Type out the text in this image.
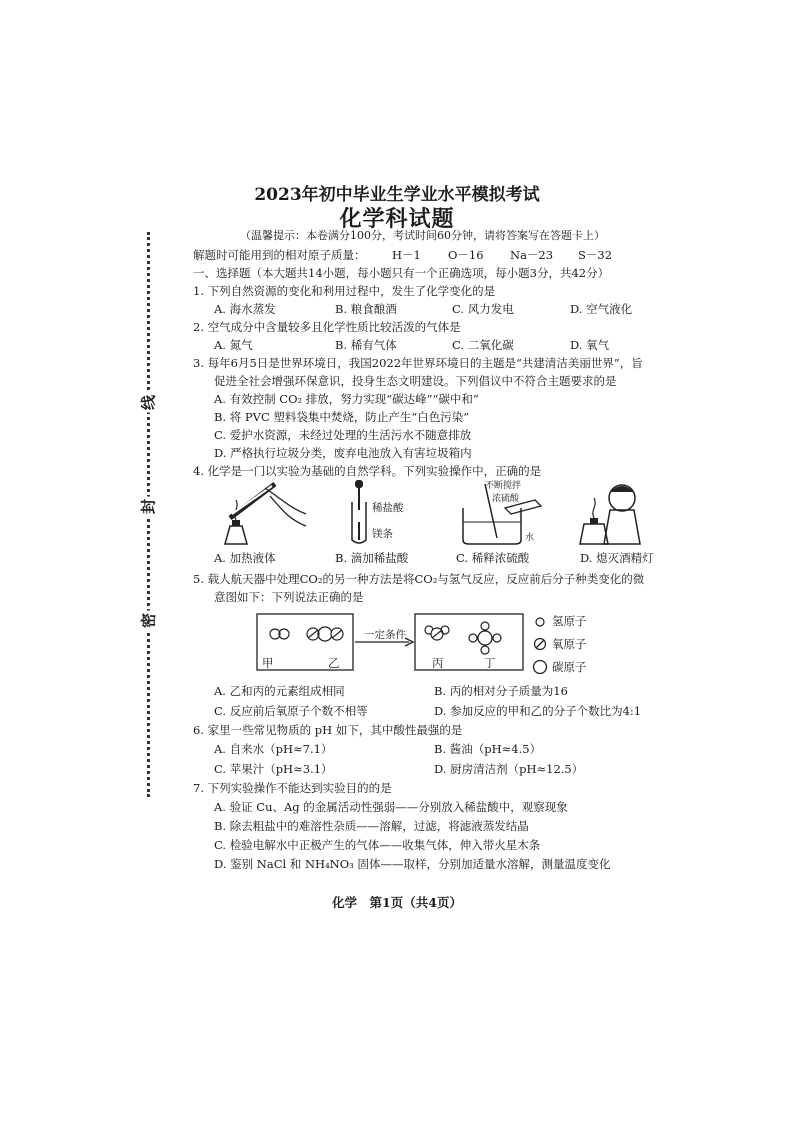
线
封
密
2023年初中毕业生学业水平模拟考试
化学科试题
（温馨提示：本卷满分100分，考试时间60分钟，请将答案写在答题卡上）
解题时可能用到的相对原子质量： H－1 O－16 Na－23 S－32
一、选择题（本大题共14小题，每小题只有一个正确选项，每小题3分，共42分）
1. 下列自然资源的变化和利用过程中，发生了化学变化的是
A. 海水蒸发	B. 粮食酿酒	C. 风力发电	D. 空气液化
2. 空气成分中含量较多且化学性质比较活泼的气体是
A. 氮气	B. 稀有气体	C. 二氧化碳	D. 氧气
3. 每年6月5日是世界环境日，我国2022年世界环境日的主题是“共建清洁美丽世界”，旨
促进全社会增强环保意识，投身生态文明建设。下列倡议中不符合主题要求的是
A. 有效控制 CO₂ 排放，努力实现“碳达峰”“碳中和”
B. 将 PVC 塑料袋集中焚烧，防止产生“白色污染”
C. 爱护水资源，未经过处理的生活污水不随意排放
D. 严格执行垃圾分类，废弃电池放入有害垃圾箱内
4. 化学是一门以实验为基础的自然学科。下列实验操作中，正确的是
稀盐酸
镁条
不断搅拌
浓硫酸
水
A. 加热液体	B. 滴加稀盐酸	C. 稀释浓硫酸	D. 熄灭酒精灯
5. 载人航天器中处理CO₂的另一种方法是将CO₂与氢气反应，反应前后分子种类变化的微
意图如下：下列说法正确的是
一定条件
甲	乙	丙	丁
氢原子
氧原子
碳原子
A. 乙和丙的元素组成相同	B. 丙的相对分子质量为16
C. 反应前后氧原子个数不相等	D. 参加反应的甲和乙的分子个数比为4:1
6. 家里一些常见物质的 pH 如下，其中酸性最强的是
A. 自来水（pH≈7.1）	B. 酱油（pH≈4.5）
C. 苹果汁（pH≈3.1）	D. 厨房清洁剂（pH≈12.5）
7. 下列实验操作不能达到实验目的的是
A. 验证 Cu、Ag 的金属活动性强弱——分别放入稀盐酸中，观察现象
B. 除去粗盐中的难溶性杂质——溶解，过滤，将滤液蒸发结晶
C. 检验电解水中正极产生的气体——收集气体，伸入带火星木条
D. 鉴别 NaCl 和 NH₄NO₃ 固体——取样，分别加适量水溶解，测量温度变化
化学　第1页（共4页）
